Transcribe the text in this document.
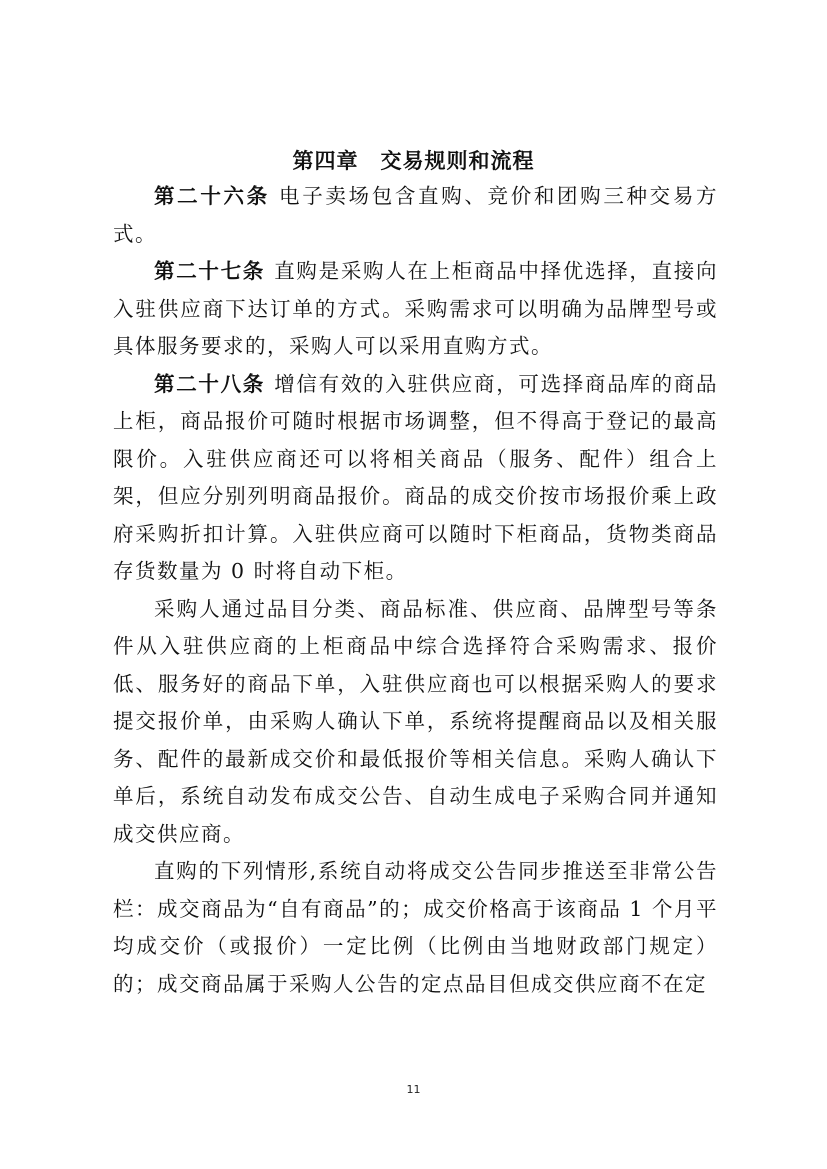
第四章　交易规则和流程

第二十六条 电子卖场包含直购、竞价和团购三种交易方式。

第二十七条 直购是采购人在上柜商品中择优选择，直接向入驻供应商下达订单的方式。采购需求可以明确为品牌型号或具体服务要求的，采购人可以采用直购方式。

第二十八条 增信有效的入驻供应商，可选择商品库的商品上柜，商品报价可随时根据市场调整，但不得高于登记的最高限价。入驻供应商还可以将相关商品（服务、配件）组合上架，但应分别列明商品报价。商品的成交价按市场报价乘上政府采购折扣计算。入驻供应商可以随时下柜商品，货物类商品存货数量为 0 时将自动下柜。

采购人通过品目分类、商品标准、供应商、品牌型号等条件从入驻供应商的上柜商品中综合选择符合采购需求、报价低、服务好的商品下单，入驻供应商也可以根据采购人的要求提交报价单，由采购人确认下单，系统将提醒商品以及相关服务、配件的最新成交价和最低报价等相关信息。采购人确认下单后，系统自动发布成交公告、自动生成电子采购合同并通知成交供应商。

直购的下列情形,系统自动将成交公告同步推送至非常公告栏：成交商品为“自有商品”的；成交价格高于该商品 1 个月平均成交价（或报价）一定比例（比例由当地财政部门规定）的；成交商品属于采购人公告的定点品目但成交供应商不在定

11
